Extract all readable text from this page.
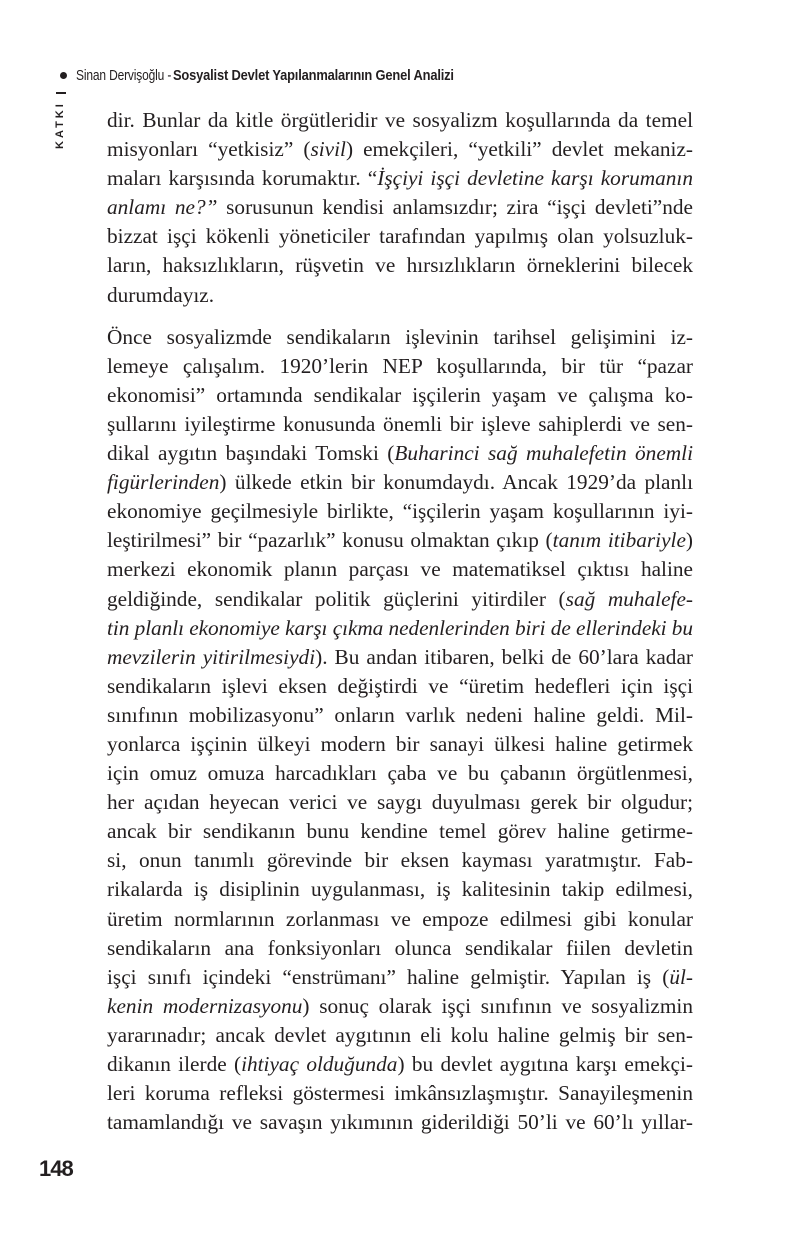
Sinan Dervişoğlu - Sosyalist Devlet Yapılanmalarının Genel Analizi
KATKI dir. Bunlar da kitle örgütleridir ve sosyalizm koşullarında da temel
misyonları “yetkisiz” (sivil) emekçileri, “yetkili” devlet mekaniz-
maları karşısında korumaktır. “İşçiyi işçi devletine karşı korumanın
anlamı ne?” sorusunun kendisi anlamsızdır; zira “işçi devleti”nde
bizzat işçi kökenli yöneticiler tarafından yapılmış olan yolsuzluk-
ların, haksızlıkların, rüşvetin ve hırsızlıkların örneklerini bilecek
durumdayız.
Önce sosyalizmde sendikaların işlevinin tarihsel gelişimini iz-
lemeye çalışalım. 1920’lerin NEP koşullarında, bir tür “pazar
ekonomisi” ortamında sendikalar işçilerin yaşam ve çalışma ko-
şullarını iyileştirme konusunda önemli bir işleve sahiplerdi ve sen-
dikal aygıtın başındaki Tomski (Buharinci sağ muhalefetin önemli
figürlerinden) ülkede etkin bir konumdaydı. Ancak 1929’da planlı
ekonomiye geçilmesiyle birlikte, “işçilerin yaşam koşullarının iyi-
leştirilmesi” bir “pazarlık” konusu olmaktan çıkıp (tanım itibariyle)
merkezi ekonomik planın parçası ve matematiksel çıktısı haline
geldiğinde, sendikalar politik güçlerini yitirdiler (sağ muhalefe-
tin planlı ekonomiye karşı çıkma nedenlerinden biri de ellerindeki bu
mevzilerin yitirilmesiydi). Bu andan itibaren, belki de 60’lara kadar
sendikaların işlevi eksen değiştirdi ve “üretim hedefleri için işçi
sınıfının mobilizasyonu” onların varlık nedeni haline geldi. Mil-
yonlarca işçinin ülkeyi modern bir sanayi ülkesi haline getirmek
için omuz omuza harcadıkları çaba ve bu çabanın örgütlenmesi,
her açıdan heyecan verici ve saygı duyulması gerek bir olgudur;
ancak bir sendikanın bunu kendine temel görev haline getirme-
si, onun tanımlı görevinde bir eksen kayması yaratmıştır. Fab-
rikalarda iş disiplinin uygulanması, iş kalitesinin takip edilmesi,
üretim normlarının zorlanması ve empoze edilmesi gibi konular
sendikaların ana fonksiyonları olunca sendikalar fiilen devletin
işçi sınıfı içindeki “enstrümanı” haline gelmiştir. Yapılan iş (ül-
kenin modernizasyonu) sonuç olarak işçi sınıfının ve sosyalizmin
yararınadır; ancak devlet aygıtının eli kolu haline gelmiş bir sen-
dikanın ilerde (ihtiyaç olduğunda) bu devlet aygıtına karşı emekçi-
leri koruma refleksi göstermesi imkânsızlaşmıştır. Sanayileşmenin
tamamlandığı ve savaşın yıkımının giderildiği 50’li ve 60’lı yıllar-
148
